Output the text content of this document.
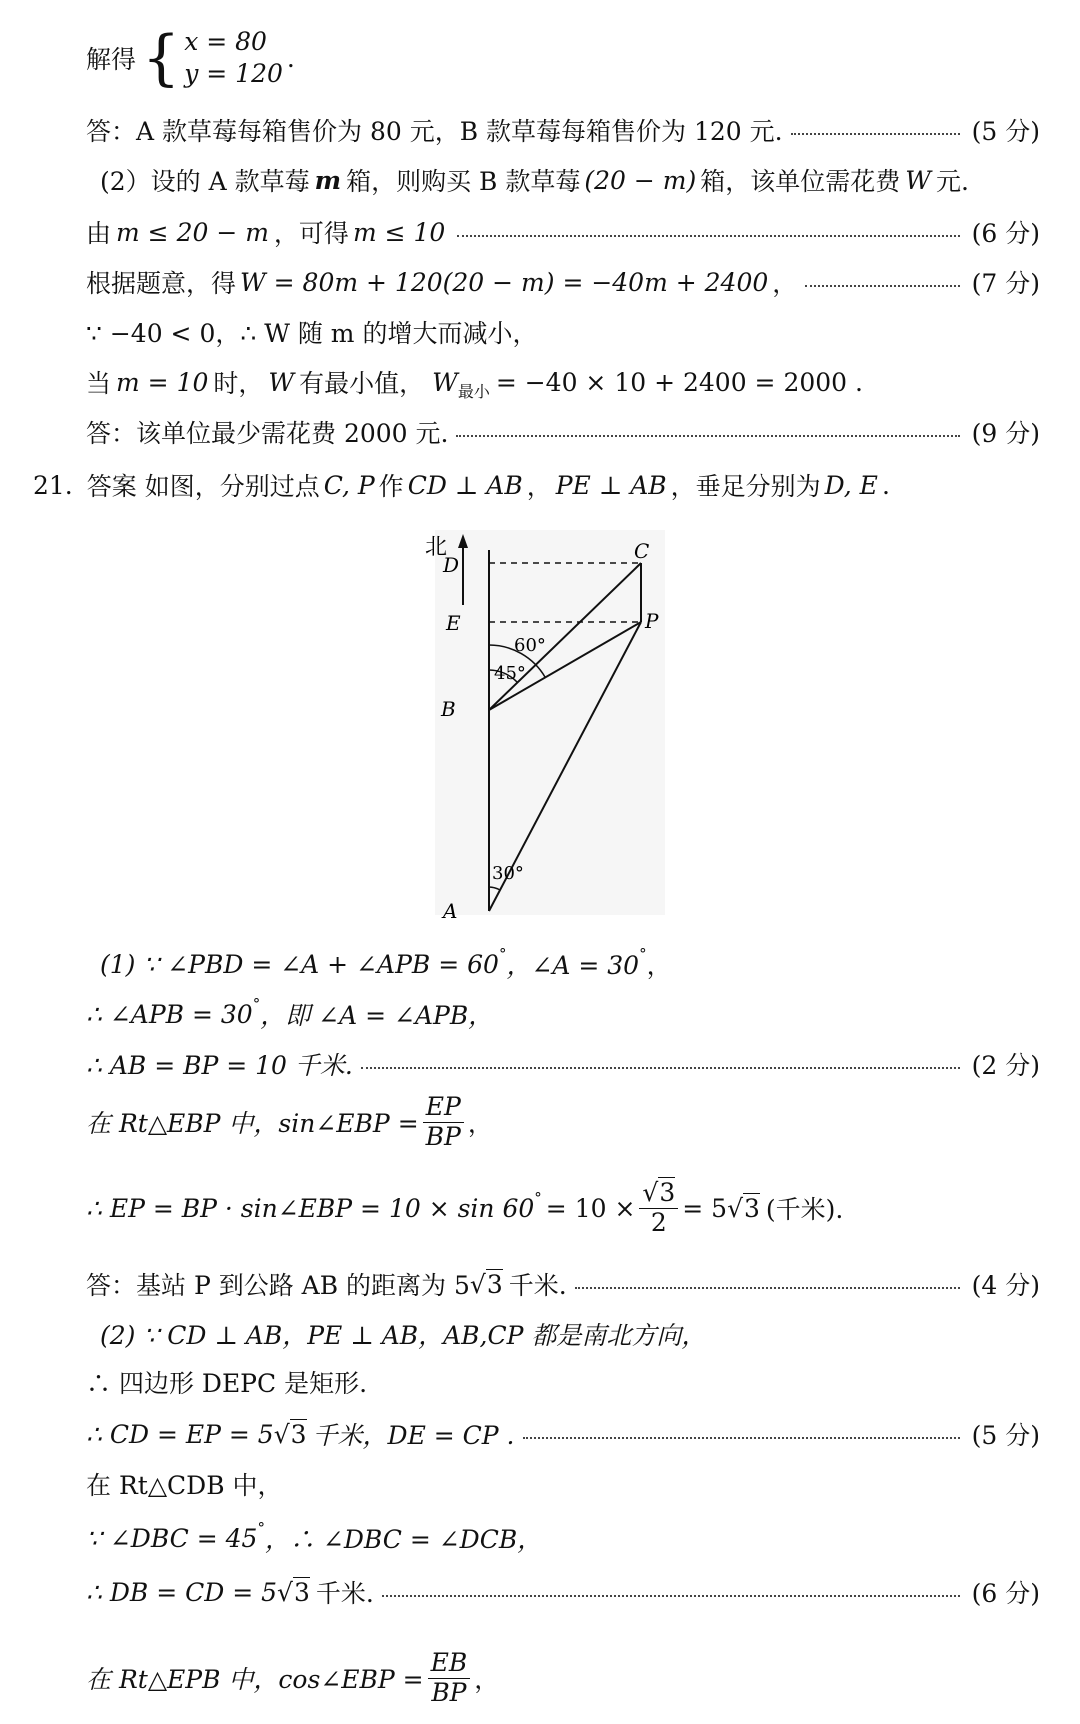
解得 { x = 80
y = 120
.
答：A 款草莓每箱售价为 80 元，B 款草莓每箱售价为 120 元.	(5 分)
(2）设的 A 款草莓 m 箱，则购买 B 款草莓 (20 − m) 箱，该单位需花费 W 元.
由 m ≤ 20 − m ，可得 m ≤ 10	(6 分)
根据题意，得 W = 80m + 120(20 − m) = −40m + 2400 ，	(7 分)
∵ −40 < 0，∴ W 随 m 的增大而减小，
当 m = 10 时， W 有最小值， W 最小 = −40 × 10 + 2400 = 2000 .
答：该单位最少需花费 2000 元.	(9 分)
21. 答案 如图，分别过点 C, P 作 CD ⊥ AB ， PE ⊥ AB ，垂足分别为 D, E .
北
D
C
E	P
B
A
60°
45°
30°
(1) ∵ ∠PBD = ∠A + ∠APB = 60 ° ，∠A = 30 ° ，
∴ ∠APB = 30 ° ，即 ∠A = ∠APB，
∴ AB = BP = 10 千米.	(2 分)
在 Rt△EBP 中，sin∠EBP = $\frac{EP}{BP}$ ，
∴ EP = BP · sin∠EBP = 10 × sin 60 ° = $10 \times \frac{√3}{2} = 5$ √3 (千米).
答：基站 P 到公路 AB 的距离为 5 √3 千米.	(4 分)
(2) ∵ CD ⊥ AB，PE ⊥ AB，AB,CP 都是南北方向，
∴ 四边形 DEPC 是矩形.
∴ CD = EP = 5 √3 千米，DE = CP .	(5 分)
在 Rt△CDB 中，
∵ ∠DBC = 45 ° ，∴ ∠DBC = ∠DCB，
∴ DB = CD = 5 √3 千米.	(6 分)
在 Rt△EPB 中，cos∠EBP = $\frac{EB}{BP}$ ，
